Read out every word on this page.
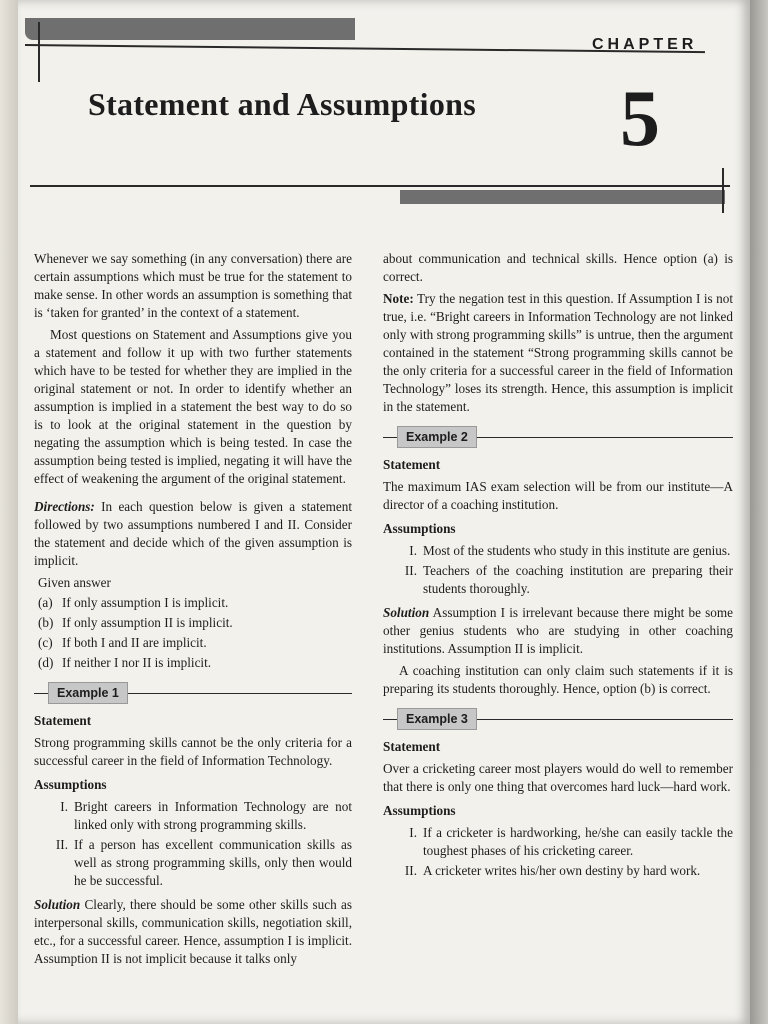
CHAPTER
Statement and Assumptions 5

Whenever we say something (in any conversation) there are certain assumptions which must be true for the statement to make sense. In other words an assumption is something that is ‘taken for granted’ in the context of a statement.

Most questions on Statement and Assumptions give you a statement and follow it up with two further statements which have to be tested for whether they are implied in the original statement or not. In order to identify whether an assumption is implied in a statement the best way to do so is to look at the original statement in the question by negating the assumption which is being tested. In case the assumption being tested is implied, negating it will have the effect of weakening the argument of the original statement.

Directions: In each question below is given a statement followed by two assumptions numbered I and II. Consider the statement and decide which of the given assumption is implicit.

Given answer

(a) If only assumption I is implicit.
(b) If only assumption II is implicit.
(c) If both I and II are implicit.
(d) If neither I nor II is implicit.
Example 1
Statement

Strong programming skills cannot be the only criteria for a successful career in the field of Information Technology.

Assumptions
I. Bright careers in Information Technology are not linked only with strong programming skills.
II. If a person has excellent communication skills as well as strong programming skills, only then would he be successful.

Solution Clearly, there should be some other skills such as interpersonal skills, communication skills, negotiation skill, etc., for a successful career. Hence, assumption I is implicit. Assumption II is not implicit because it talks only

about communication and technical skills. Hence option (a) is correct.

Note: Try the negation test in this question. If Assumption I is not true, i.e. “Bright careers in Information Technology are not linked only with strong programming skills” is untrue, then the argument contained in the statement “Strong programming skills cannot be the only criteria for a successful career in the field of Information Technology” loses its strength. Hence, this assumption is implicit in the statement.

Example 2
Statement

The maximum IAS exam selection will be from our institute—A director of a coaching institution.

Assumptions
I. Most of the students who study in this institute are genius.
II. Teachers of the coaching institution are preparing their students thoroughly.

Solution Assumption I is irrelevant because there might be some other genius students who are studying in other coaching institutions. Assumption II is implicit.

A coaching institution can only claim such statements if it is preparing its students thoroughly. Hence, option (b) is correct.

Example 3
Statement

Over a cricketing career most players would do well to remember that there is only one thing that overcomes hard luck—hard work.

Assumptions
I. If a cricketer is hardworking, he/she can easily tackle the toughest phases of his cricketing career.
II. A cricketer writes his/her own destiny by hard work.
